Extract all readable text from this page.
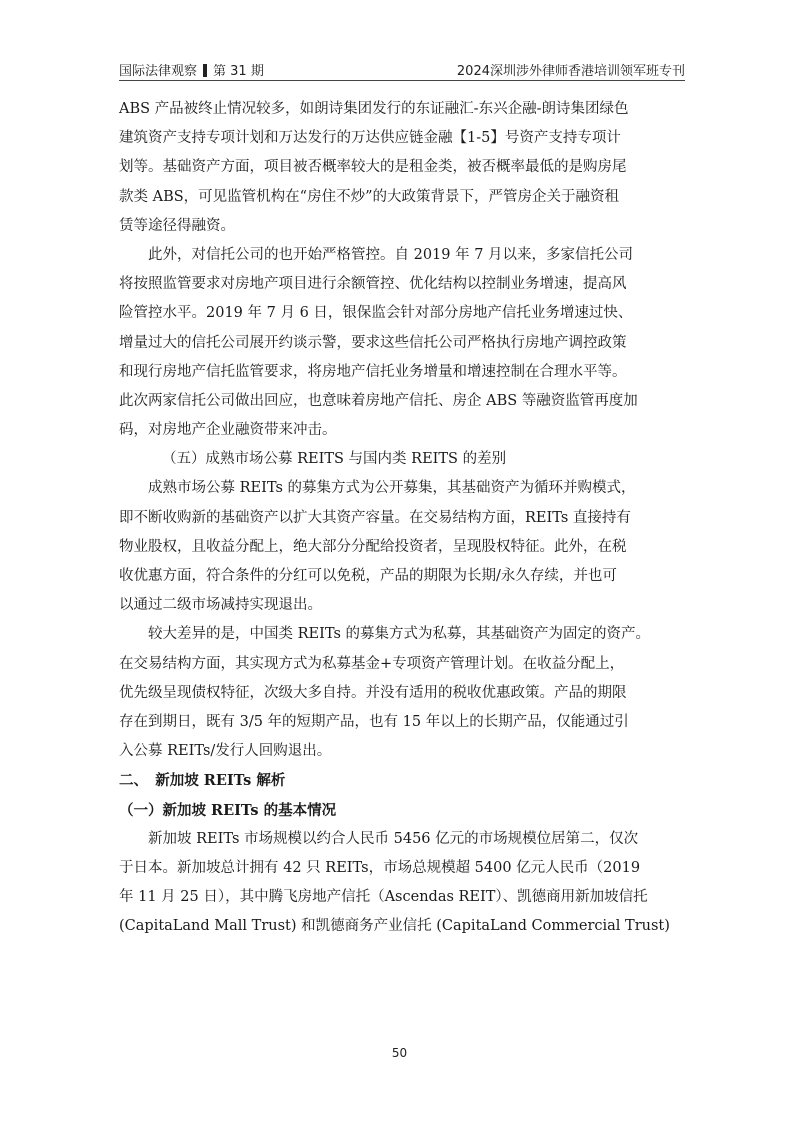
国际法律观察 第 31 期	2024深圳涉外律师香港培训领军班专刊
ABS 产品被终止情况较多，如朗诗集团发行的东证融汇-东兴企融-朗诗集团绿色
建筑资产支持专项计划和万达发行的万达供应链金融【1-5】号资产支持专项计
划等。基础资产方面，项目被否概率较大的是租金类，被否概率最低的是购房尾
款类 ABS，可见监管机构在“房住不炒”的大政策背景下，严管房企关于融资租
赁等途径得融资。
此外，对信托公司的也开始严格管控。自 2019 年 7 月以来，多家信托公司
将按照监管要求对房地产项目进行余额管控、优化结构以控制业务增速，提高风
险管控水平。2019 年 7 月 6 日，银保监会针对部分房地产信托业务增速过快、
增量过大的信托公司展开约谈示警，要求这些信托公司严格执行房地产调控政策
和现行房地产信托监管要求，将房地产信托业务增量和增速控制在合理水平等。
此次两家信托公司做出回应，也意味着房地产信托、房企 ABS 等融资监管再度加
码，对房地产企业融资带来冲击。
（五）成熟市场公募 REITS 与国内类 REITS 的差别
成熟市场公募 REITs 的募集方式为公开募集，其基础资产为循环并购模式，
即不断收购新的基础资产以扩大其资产容量。在交易结构方面，REITs 直接持有
物业股权，且收益分配上，绝大部分分配给投资者，呈现股权特征。此外，在税
收优惠方面，符合条件的分红可以免税，产品的期限为长期/永久存续，并也可
以通过二级市场减持实现退出。
较大差异的是，中国类 REITs 的募集方式为私募，其基础资产为固定的资产。
在交易结构方面，其实现方式为私募基金+专项资产管理计划。在收益分配上，
优先级呈现债权特征，次级大多自持。并没有适用的税收优惠政策。产品的期限
存在到期日，既有 3/5 年的短期产品，也有 15 年以上的长期产品，仅能通过引
入公募 REITs/发行人回购退出。
二、　新加坡 REITs 解析
（一）新加坡 REITs 的基本情况
新加坡 REITs 市场规模以约合人民币 5456 亿元的市场规模位居第二，仅次
于日本。新加坡总计拥有 42 只 REITs，市场总规模超 5400 亿元人民币（2019
年 11 月 25 日），其中腾飞房地产信托（Ascendas REIT）、凯德商用新加坡信托
(CapitaLand Mall Trust) 和凯德商务产业信托 (CapitaLand Commercial Trust)
50
